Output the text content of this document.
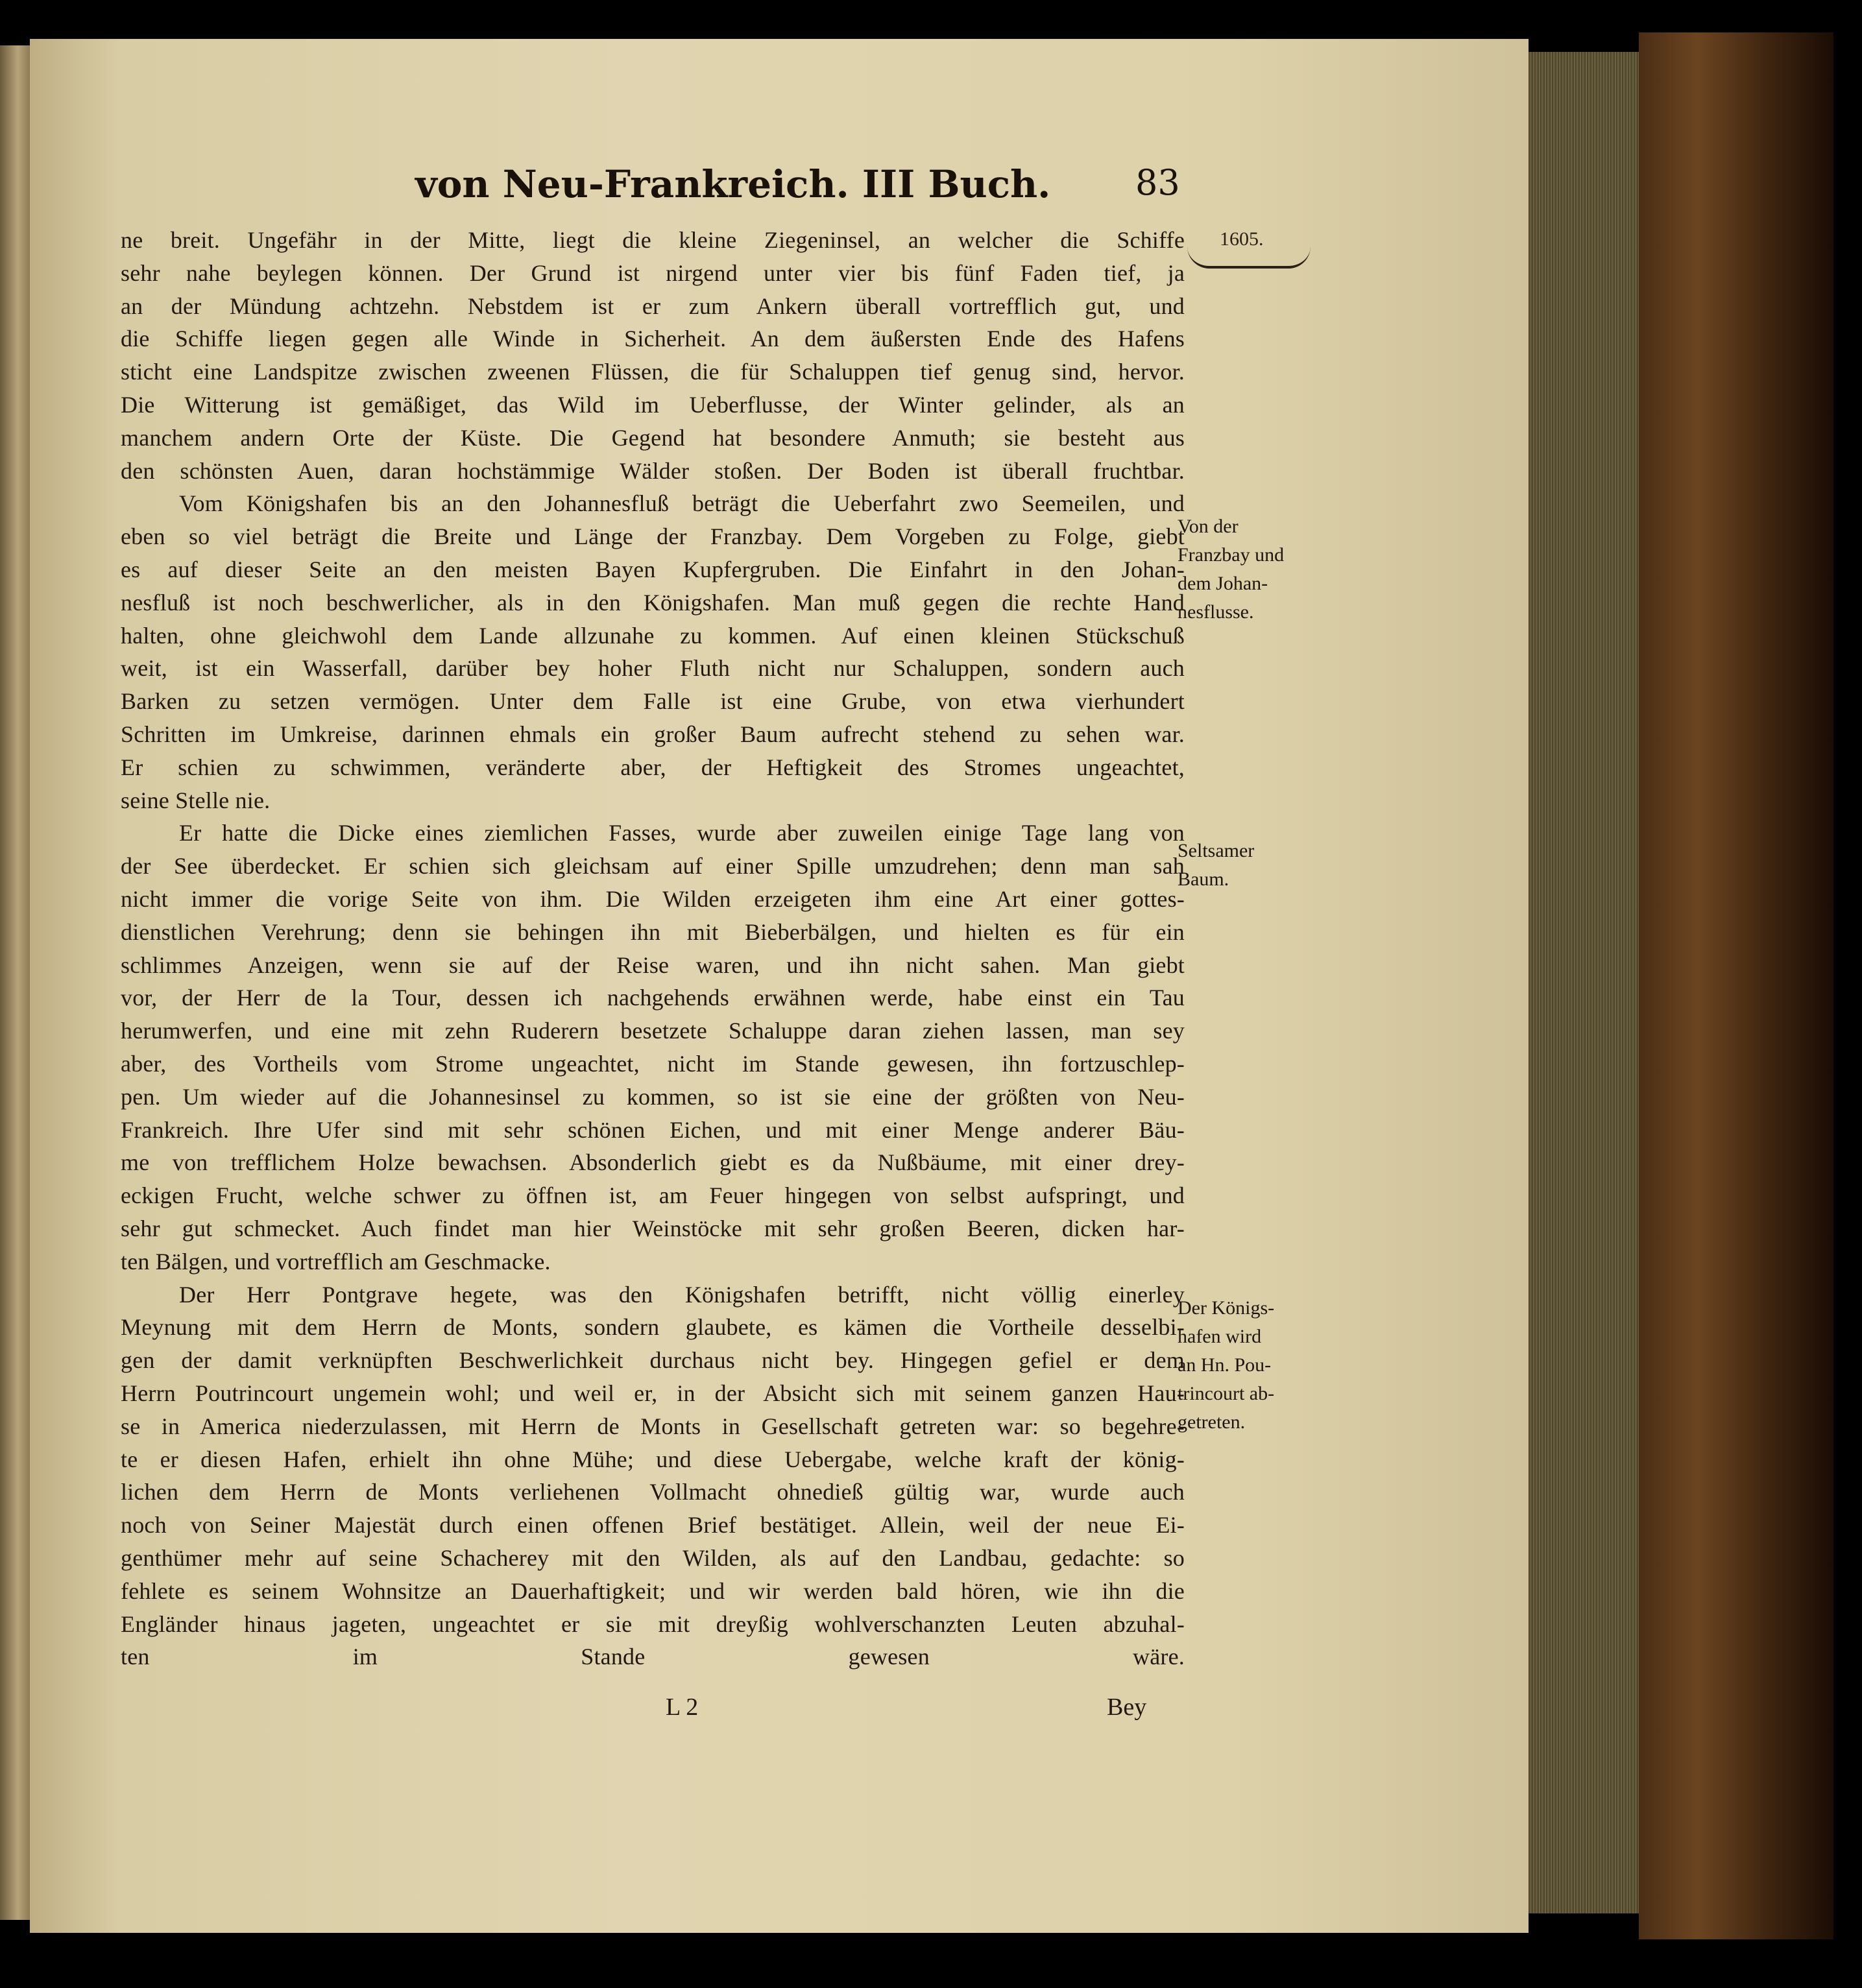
von Neu-Frankreich. III Buch. 83
1605.
ne breit. Ungefähr in der Mitte, liegt die kleine Ziegeninsel, an welcher die Schiffe
sehr nahe beylegen können. Der Grund ist nirgend unter vier bis fünf Faden tief, ja
an der Mündung achtzehn. Nebstdem ist er zum Ankern überall vortrefflich gut, und
die Schiffe liegen gegen alle Winde in Sicherheit. An dem äußersten Ende des Hafens
sticht eine Landspitze zwischen zweenen Flüssen, die für Schaluppen tief genug sind, hervor.
Die Witterung ist gemäßiget, das Wild im Ueberflusse, der Winter gelinder, als an
manchem andern Orte der Küste. Die Gegend hat besondere Anmuth; sie besteht aus
den schönsten Auen, daran hochstämmige Wälder stoßen. Der Boden ist überall fruchtbar.
Vom Königshafen bis an den Johannesfluß beträgt die Ueberfahrt zwo Seemeilen, und
eben so viel beträgt die Breite und Länge der Franzbay. Dem Vorgeben zu Folge, giebt
es auf dieser Seite an den meisten Bayen Kupfergruben. Die Einfahrt in den Johan-
nesfluß ist noch beschwerlicher, als in den Königshafen. Man muß gegen die rechte Hand
halten, ohne gleichwohl dem Lande allzunahe zu kommen. Auf einen kleinen Stückschuß
weit, ist ein Wasserfall, darüber bey hoher Fluth nicht nur Schaluppen, sondern auch
Barken zu setzen vermögen. Unter dem Falle ist eine Grube, von etwa vierhundert
Schritten im Umkreise, darinnen ehmals ein großer Baum aufrecht stehend zu sehen war.
Er schien zu schwimmen, veränderte aber, der Heftigkeit des Stromes ungeachtet,
seine Stelle nie.
Er hatte die Dicke eines ziemlichen Fasses, wurde aber zuweilen einige Tage lang von
der See überdecket. Er schien sich gleichsam auf einer Spille umzudrehen; denn man sah
nicht immer die vorige Seite von ihm. Die Wilden erzeigeten ihm eine Art einer gottes-
dienstlichen Verehrung; denn sie behingen ihn mit Bieberbälgen, und hielten es für ein
schlimmes Anzeigen, wenn sie auf der Reise waren, und ihn nicht sahen. Man giebt
vor, der Herr de la Tour, dessen ich nachgehends erwähnen werde, habe einst ein Tau
herumwerfen, und eine mit zehn Ruderern besetzete Schaluppe daran ziehen lassen, man sey
aber, des Vortheils vom Strome ungeachtet, nicht im Stande gewesen, ihn fortzuschlep-
pen. Um wieder auf die Johannesinsel zu kommen, so ist sie eine der größten von Neu-
Frankreich. Ihre Ufer sind mit sehr schönen Eichen, und mit einer Menge anderer Bäu-
me von trefflichem Holze bewachsen. Absonderlich giebt es da Nußbäume, mit einer drey-
eckigen Frucht, welche schwer zu öffnen ist, am Feuer hingegen von selbst aufspringt, und
sehr gut schmecket. Auch findet man hier Weinstöcke mit sehr großen Beeren, dicken har-
ten Bälgen, und vortrefflich am Geschmacke.
Der Herr Pontgrave hegete, was den Königshafen betrifft, nicht völlig einerley
Meynung mit dem Herrn de Monts, sondern glaubete, es kämen die Vortheile desselbi-
gen der damit verknüpften Beschwerlichkeit durchaus nicht bey. Hingegen gefiel er dem
Herrn Poutrincourt ungemein wohl; und weil er, in der Absicht sich mit seinem ganzen Hau-
se in America niederzulassen, mit Herrn de Monts in Gesellschaft getreten war: so begehre-
te er diesen Hafen, erhielt ihn ohne Mühe; und diese Uebergabe, welche kraft der könig-
lichen dem Herrn de Monts verliehenen Vollmacht ohnedieß gültig war, wurde auch
noch von Seiner Majestät durch einen offenen Brief bestätiget. Allein, weil der neue Ei-
genthümer mehr auf seine Schacherey mit den Wilden, als auf den Landbau, gedachte: so
fehlete es seinem Wohnsitze an Dauerhaftigkeit; und wir werden bald hören, wie ihn die
Engländer hinaus jageten, ungeachtet er sie mit dreyßig wohlverschanzten Leuten abzuhal-
ten im Stande gewesen wäre.
Von der
Franzbay und
dem Johan-
nesflusse.
Seltsamer
Baum.
Der Königs-
hafen wird
an Hn. Pou-
trincourt ab-
getreten.
L 2	Bey
